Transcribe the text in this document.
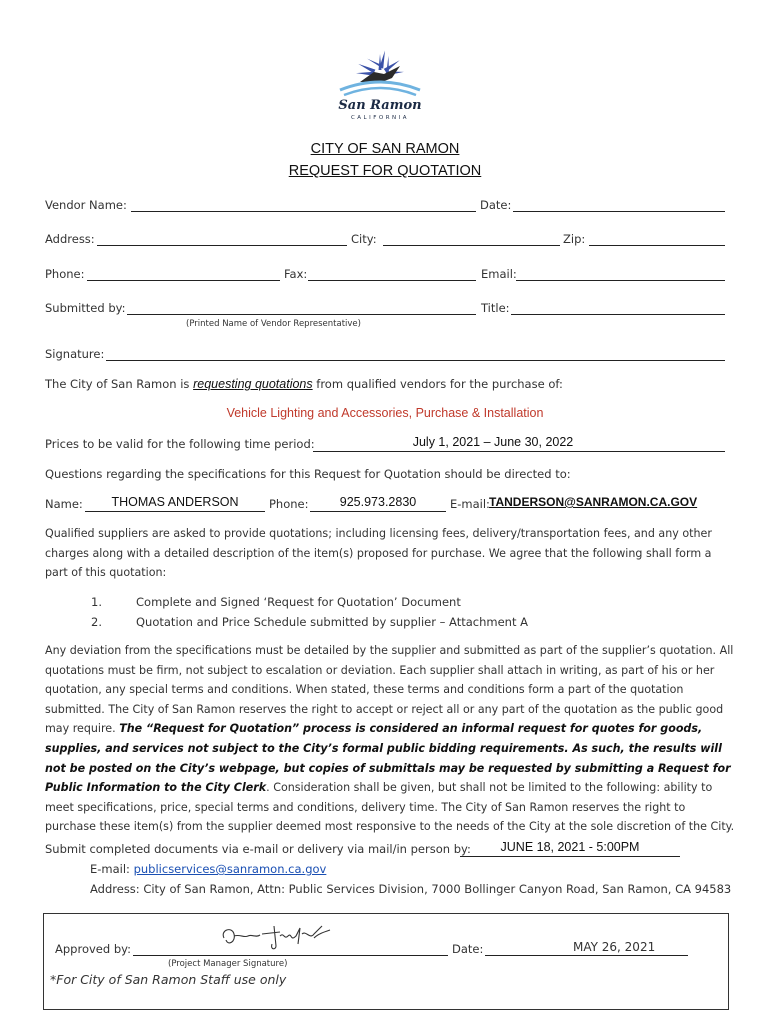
San Ramon
CALIFORNIA
CITY OF SAN RAMON
REQUEST FOR QUOTATION
Vendor Name:	Date:
Address:	City:	Zip:
Phone:	Fax:	Email:
Submitted by:	Title:
(Printed Name of Vendor Representative)
Signature:
The City of San Ramon is requesting quotations from qualified vendors for the purchase of:
Vehicle Lighting and Accessories, Purchase & Installation
Prices to be valid for the following time period:	July 1, 2021 – June 30, 2022
Questions regarding the specifications for this Request for Quotation should be directed to:
Name:	THOMAS ANDERSON	Phone:	925.973.2830	E-mail: TANDERSON@SANRAMON.CA.GOV
Qualified suppliers are asked to provide quotations; including licensing fees, delivery/transportation fees, and any other charges along with a detailed description of the item(s) proposed for purchase. We agree that the following shall form a part of this quotation:
1.	Complete and Signed ‘Request for Quotation’ Document
2.	Quotation and Price Schedule submitted by supplier – Attachment A
Any deviation from the specifications must be detailed by the supplier and submitted as part of the supplier’s quotation. All quotations must be firm, not subject to escalation or deviation. Each supplier shall attach in writing, as part of his or her quotation, any special terms and conditions. When stated, these terms and conditions form a part of the quotation submitted. The City of San Ramon reserves the right to accept or reject all or any part of the quotation as the public good may require. The “Request for Quotation” process is considered an informal request for quotes for goods, supplies, and services not subject to the City’s formal public bidding requirements. As such, the results will not be posted on the City’s webpage, but copies of submittals may be requested by submitting a Request for Public Information to the City Clerk. Consideration shall be given, but shall not be limited to the following: ability to meet specifications, price, special terms and conditions, delivery time. The City of San Ramon reserves the right to purchase these item(s) from the supplier deemed most responsive to the needs of the City at the sole discretion of the City.
Submit completed documents via e-mail or delivery via mail/in person by:	JUNE 18, 2021 - 5:00PM
E-mail: publicservices@sanramon.ca.gov
Address: City of San Ramon, Attn: Public Services Division, 7000 Bollinger Canyon Road, San Ramon, CA 94583
Approved by:
(Project Manager Signature)
Date:	MAY 26, 2021
*For City of San Ramon Staff use only
